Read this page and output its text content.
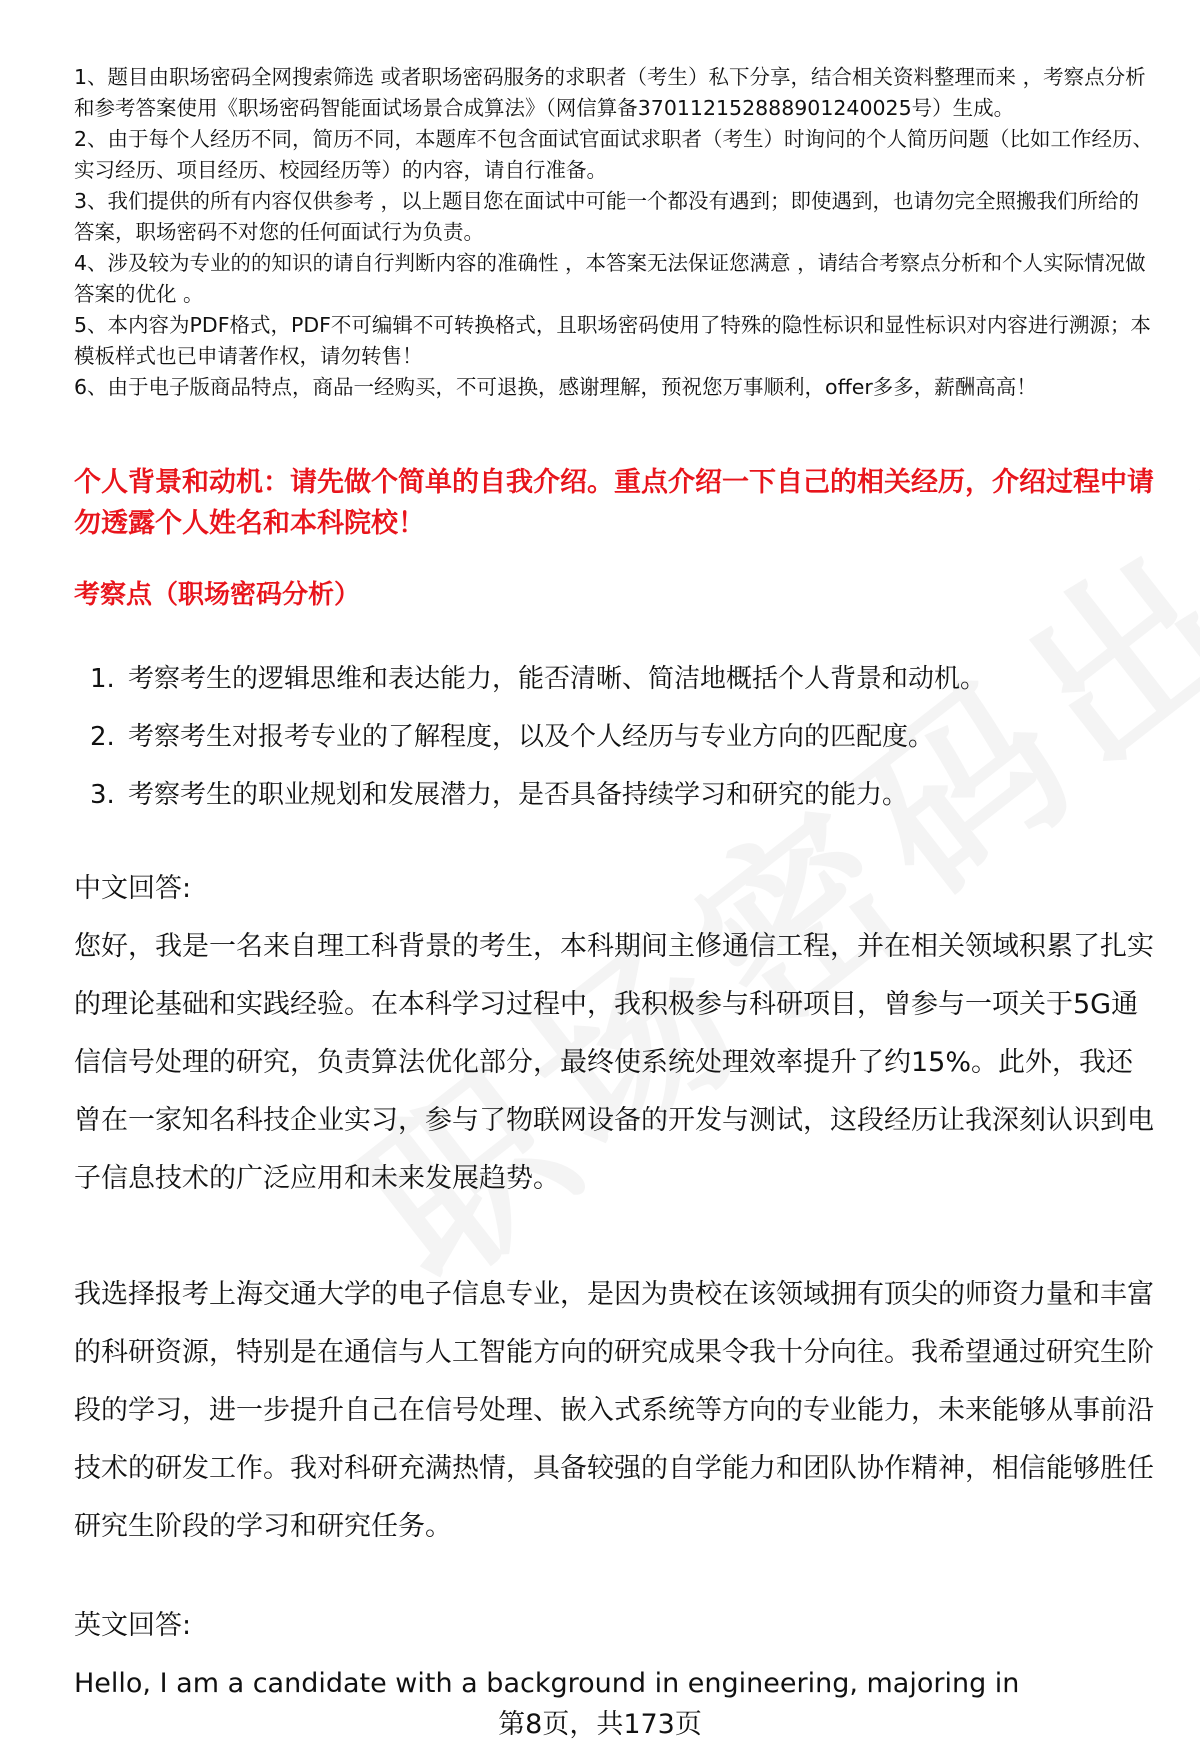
1、题目由职场密码全网搜索筛选 或者职场密码服务的求职者（考生）私下分享，结合相关资料整理而来 ，考察点分析和参考答案使用《职场密码智能面试场景合成算法》（网信算备370112152888901240025号）生成。

2、由于每个人经历不同，简历不同，本题库不包含面试官面试求职者（考生）时询问的个人简历问题（比如工作经历、实习经历、项目经历、校园经历等）的内容，请自行准备。

3、我们提供的所有内容仅供参考 ，以上题目您在面试中可能一个都没有遇到；即使遇到，也请勿完全照搬我们所给的答案，职场密码不对您的任何面试行为负责。

4、涉及较为专业的的知识的请自行判断内容的准确性 ，本答案无法保证您满意 ，请结合考察点分析和个人实际情况做答案的优化 。

5、本内容为PDF格式，PDF不可编辑不可转换格式，且职场密码使用了特殊的隐性标识和显性标识对内容进行溯源；本模板样式也已申请著作权，请勿转售！

6、由于电子版商品特点，商品一经购买，不可退换，感谢理解，预祝您万事顺利，offer多多，薪酬高高！

个人背景和动机：请先做个简单的自我介绍。重点介绍一下自己的相关经历，介绍过程中请勿透露个人姓名和本科院校！
考察点（职场密码分析）
1. 考察考生的逻辑思维和表达能力，能否清晰、简洁地概括个人背景和动机。
2. 考察考生对报考专业的了解程度，以及个人经历与专业方向的匹配度。
3. 考察考生的职业规划和发展潜力，是否具备持续学习和研究的能力。

中文回答:

您好，我是一名来自理工科背景的考生，本科期间主修通信工程，并在相关领域积累了扎实的理论基础和实践经验。在本科学习过程中，我积极参与科研项目，曾参与一项关于5G通信信号处理的研究，负责算法优化部分，最终使系统处理效率提升了约15%。此外，我还曾在一家知名科技企业实习，参与了物联网设备的开发与测试，这段经历让我深刻认识到电子信息技术的广泛应用和未来发展趋势。

我选择报考上海交通大学的电子信息专业，是因为贵校在该领域拥有顶尖的师资力量和丰富的科研资源，特别是在通信与人工智能方向的研究成果令我十分向往。我希望通过研究生阶段的学习，进一步提升自己在信号处理、嵌入式系统等方向的专业能力，未来能够从事前沿技术的研发工作。我对科研充满热情，具备较强的自学能力和团队协作精神，相信能够胜任研究生阶段的学习和研究任务。

英文回答:

Hello, I am a candidate with a background in engineering, majoring in

第8页，共173页
